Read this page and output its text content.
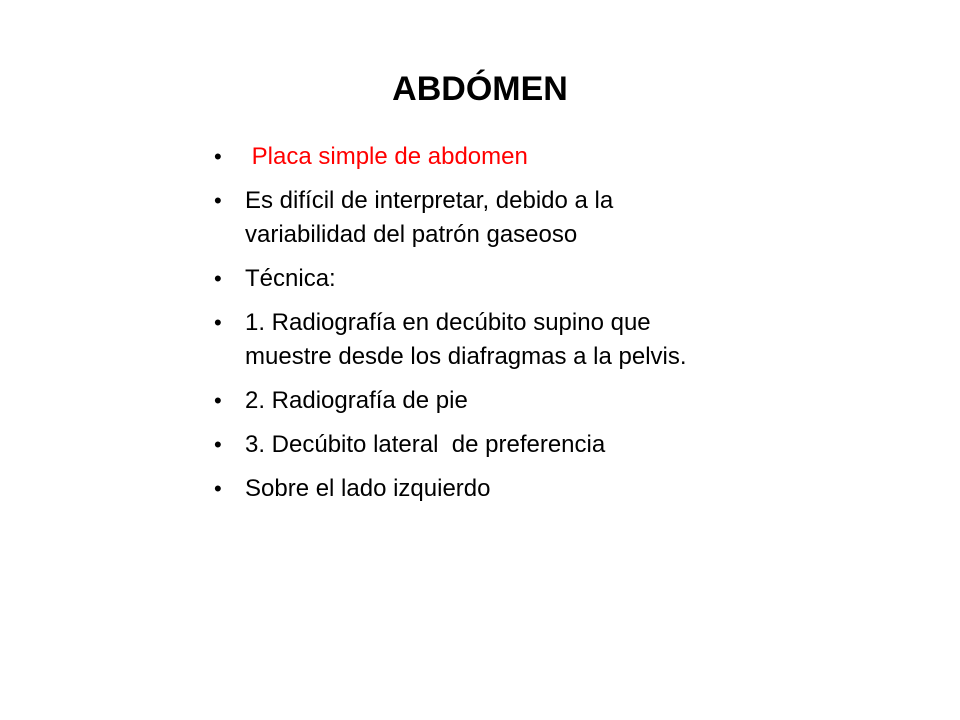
ABDÓMEN
• Placa simple de abdomen
• Es difícil de interpretar, debido a la variabilidad del patrón gaseoso
• Técnica:
• 1. Radiografía en decúbito supino que muestre desde los diafragmas a la pelvis.
• 2. Radiografía de pie
• 3. Decúbito lateral  de preferencia
• Sobre el lado izquierdo
